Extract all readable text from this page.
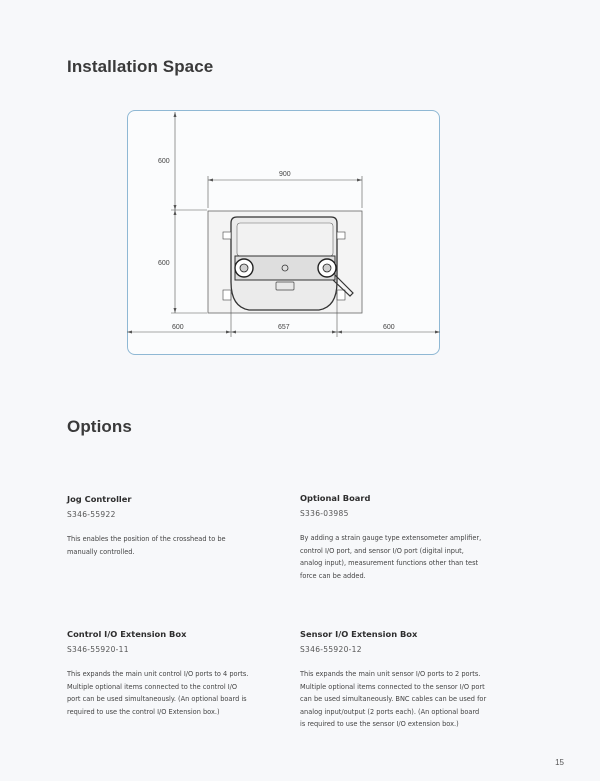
Installation Space
600
600
900
600	657	600
Options

Jog Controller

S346-55922

This enables the position of the crosshead to be
manually controlled.

Optional Board

S336-03985

By adding a strain gauge type extensometer amplifier,
control I/O port, and sensor I/O port (digital input,
analog input), measurement functions other than test
force can be added.

Control I/O Extension Box

S346-55920-11

This expands the main unit control I/O ports to 4 ports.
Multiple optional items connected to the control I/O
port can be used simultaneously. (An optional board is
required to use the control I/O Extension box.)

Sensor I/O Extension Box

S346-55920-12

This expands the main unit sensor I/O ports to 2 ports.
Multiple optional items connected to the sensor I/O port
can be used simultaneously. BNC cables can be used for
analog input/output (2 ports each). (An optional board
is required to use the sensor I/O extension box.)

15
